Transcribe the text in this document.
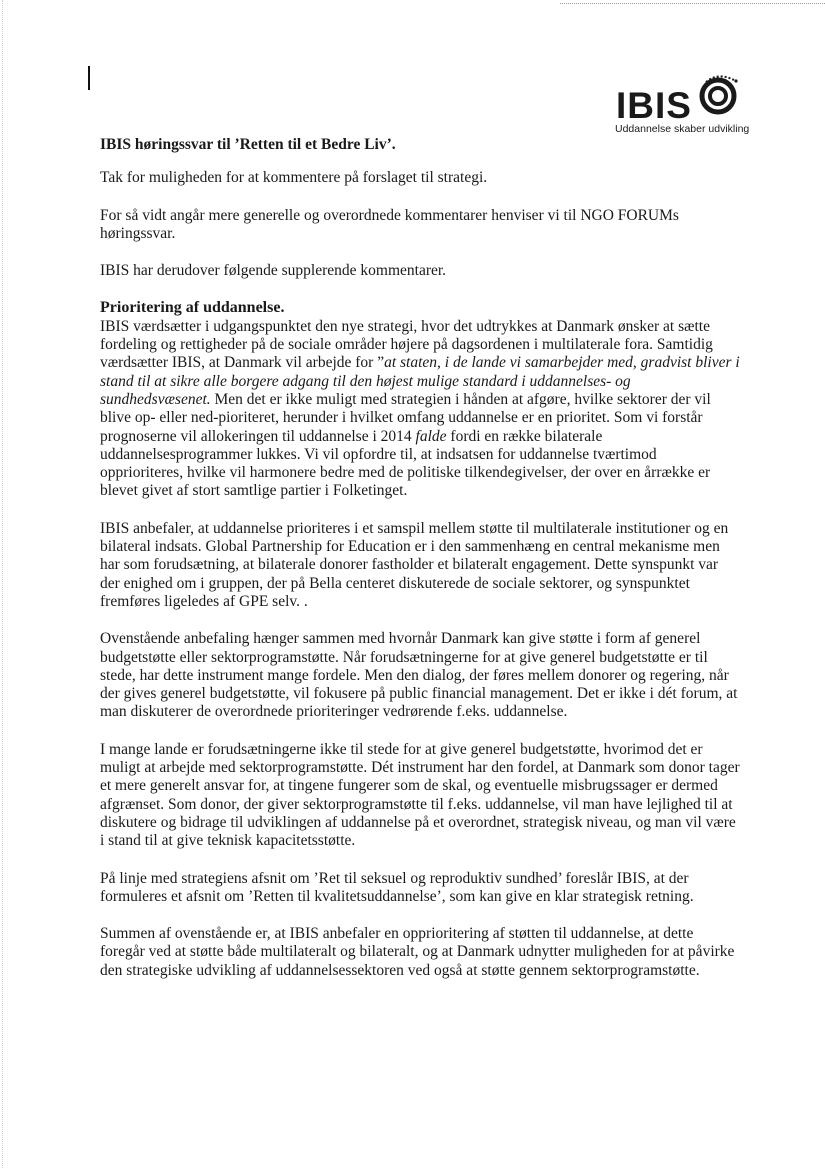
IBIS
Uddannelse skaber udvikling

IBIS høringssvar til ’Retten til et Bedre Liv’.

Tak for muligheden for at kommentere på forslaget til strategi.

For så vidt angår mere generelle og overordnede kommentarer henviser vi til NGO FORUMs høringssvar.

IBIS har derudover følgende supplerende kommentarer.

Prioritering af uddannelse.

IBIS værdsætter i udgangspunktet den nye strategi, hvor det udtrykkes at Danmark ønsker at sætte fordeling og rettigheder på de sociale områder højere på dagsordenen i multilaterale fora. Samtidig værdsætter IBIS, at Danmark vil arbejde for ”at staten, i de lande vi samarbejder med, gradvist bliver i stand til at sikre alle borgere adgang til den højest mulige standard i uddannelses- og sundhedsvæsenet. Men det er ikke muligt med strategien i hånden at afgøre, hvilke sektorer der vil blive op- eller ned-pioriteret, herunder i hvilket omfang uddannelse er en prioritet. Som vi forstår prognoserne vil allokeringen til uddannelse i 2014 falde fordi en række bilaterale uddannelsesprogrammer lukkes. Vi vil opfordre til, at indsatsen for uddannelse tværtimod opprioriteres, hvilke vil harmonere bedre med de politiske tilkendegivelser, der over en årrække er blevet givet af stort samtlige partier i Folketinget.

IBIS anbefaler, at uddannelse prioriteres i et samspil mellem støtte til multilaterale institutioner og en bilateral indsats. Global Partnership for Education er i den sammenhæng en central mekanisme men har som forudsætning, at bilaterale donorer fastholder et bilateralt engagement. Dette synspunkt var der enighed om i gruppen, der på Bella centeret diskuterede de sociale sektorer, og synspunktet fremføres ligeledes af GPE selv. .

Ovenstående anbefaling hænger sammen med hvornår Danmark kan give støtte i form af generel budgetstøtte eller sektorprogramstøtte. Når forudsætningerne for at give generel budgetstøtte er til stede, har dette instrument mange fordele. Men den dialog, der føres mellem donorer og regering, når der gives generel budgetstøtte, vil fokusere på public financial management. Det er ikke i dét forum, at man diskuterer de overordnede prioriteringer vedrørende f.eks. uddannelse.

I mange lande er forudsætningerne ikke til stede for at give generel budgetstøtte, hvorimod det er muligt at arbejde med sektorprogramstøtte. Dét instrument har den fordel, at Danmark som donor tager et mere generelt ansvar for, at tingene fungerer som de skal, og eventuelle misbrugssager er dermed afgrænset. Som donor, der giver sektorprogramstøtte til f.eks. uddannelse, vil man have lejlighed til at diskutere og bidrage til udviklingen af uddannelse på et overordnet, strategisk niveau, og man vil være i stand til at give teknisk kapacitetsstøtte.

På linje med strategiens afsnit om ’Ret til seksuel og reproduktiv sundhed’ foreslår IBIS, at der formuleres et afsnit om ’Retten til kvalitetsuddannelse’, som kan give en klar strategisk retning.

Summen af ovenstående er, at IBIS anbefaler en opprioritering af støtten til uddannelse, at dette foregår ved at støtte både multilateralt og bilateralt, og at Danmark udnytter muligheden for at påvirke den strategiske udvikling af uddannelsessektoren ved også at støtte gennem sektorprogramstøtte.
